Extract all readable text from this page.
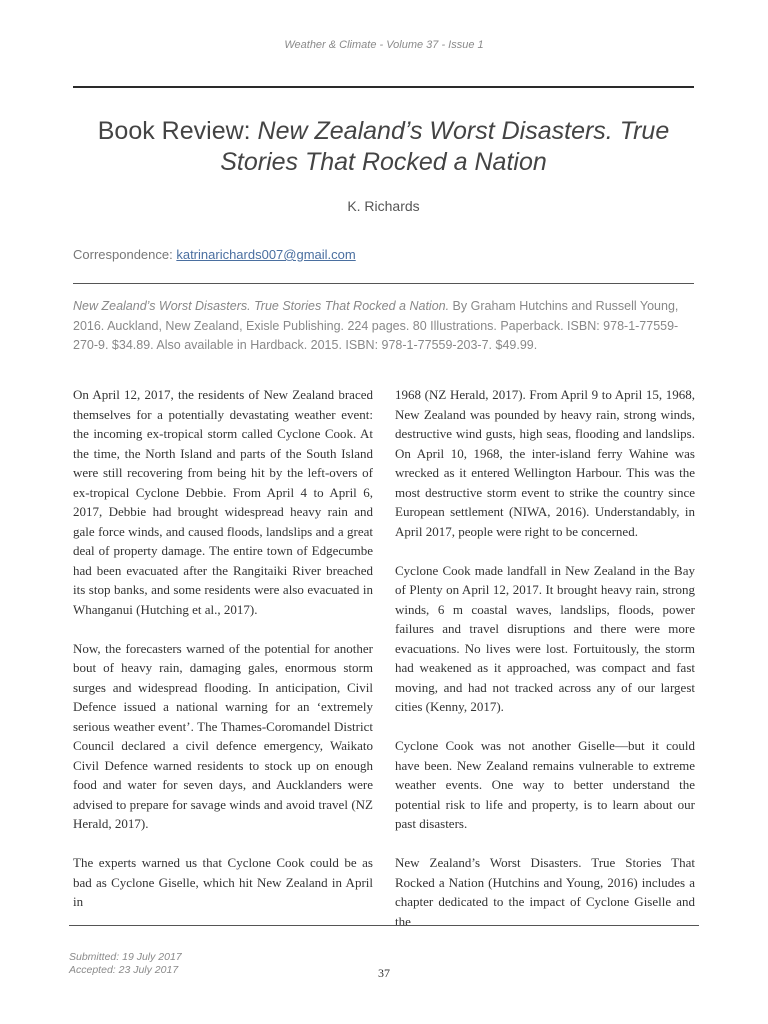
Weather & Climate - Volume 37 - Issue 1
Book Review: New Zealand’s Worst Disasters. True Stories That Rocked a Nation
K. Richards
Correspondence: katrinarichards007@gmail.com
New Zealand’s Worst Disasters. True Stories That Rocked a Nation. By Graham Hutchins and Russell Young, 2016. Auckland, New Zealand, Exisle Publishing. 224 pages. 80 Illustrations. Paperback. ISBN: 978-1-77559-270-9. $34.89. Also available in Hardback. 2015. ISBN: 978-1-77559-203-7. $49.99.

On April 12, 2017, the residents of New Zealand braced themselves for a potentially devastating weather event: the incoming ex-tropical storm called Cyclone Cook. At the time, the North Island and parts of the South Island were still recovering from being hit by the left-overs of ex-tropical Cyclone Debbie. From April 4 to April 6, 2017, Debbie had brought widespread heavy rain and gale force winds, and caused floods, landslips and a great deal of property damage. The entire town of Edgecumbe had been evacuated after the Rangitaiki River breached its stop banks, and some residents were also evacuated in Whanganui (Hutching et al., 2017).

Now, the forecasters warned of the potential for another bout of heavy rain, damaging gales, enormous storm surges and widespread flooding. In anticipation, Civil Defence issued a national warning for an ‘extremely serious weather event’. The Thames-Coromandel District Council declared a civil defence emergency, Waikato Civil Defence warned residents to stock up on enough food and water for seven days, and Aucklanders were advised to prepare for savage winds and avoid travel (NZ Herald, 2017).

The experts warned us that Cyclone Cook could be as bad as Cyclone Giselle, which hit New Zealand in April in

1968 (NZ Herald, 2017). From April 9 to April 15, 1968, New Zealand was pounded by heavy rain, strong winds, destructive wind gusts, high seas, flooding and landslips. On April 10, 1968, the inter-island ferry Wahine was wrecked as it entered Wellington Harbour. This was the most destructive storm event to strike the country since European settlement (NIWA, 2016). Understandably, in April 2017, people were right to be concerned.

Cyclone Cook made landfall in New Zealand in the Bay of Plenty on April 12, 2017. It brought heavy rain, strong winds, 6 m coastal waves, landslips, floods, power failures and travel disruptions and there were more evacuations. No lives were lost. Fortuitously, the storm had weakened as it approached, was compact and fast moving, and had not tracked across any of our largest cities (Kenny, 2017).

Cyclone Cook was not another Giselle—but it could have been. New Zealand remains vulnerable to extreme weather events. One way to better understand the potential risk to life and property, is to learn about our past disasters.

New Zealand’s Worst Disasters. True Stories That Rocked a Nation (Hutchins and Young, 2016) includes a chapter dedicated to the impact of Cyclone Giselle and the

Submitted: 19 July 2017
Accepted: 23 July 2017	37
